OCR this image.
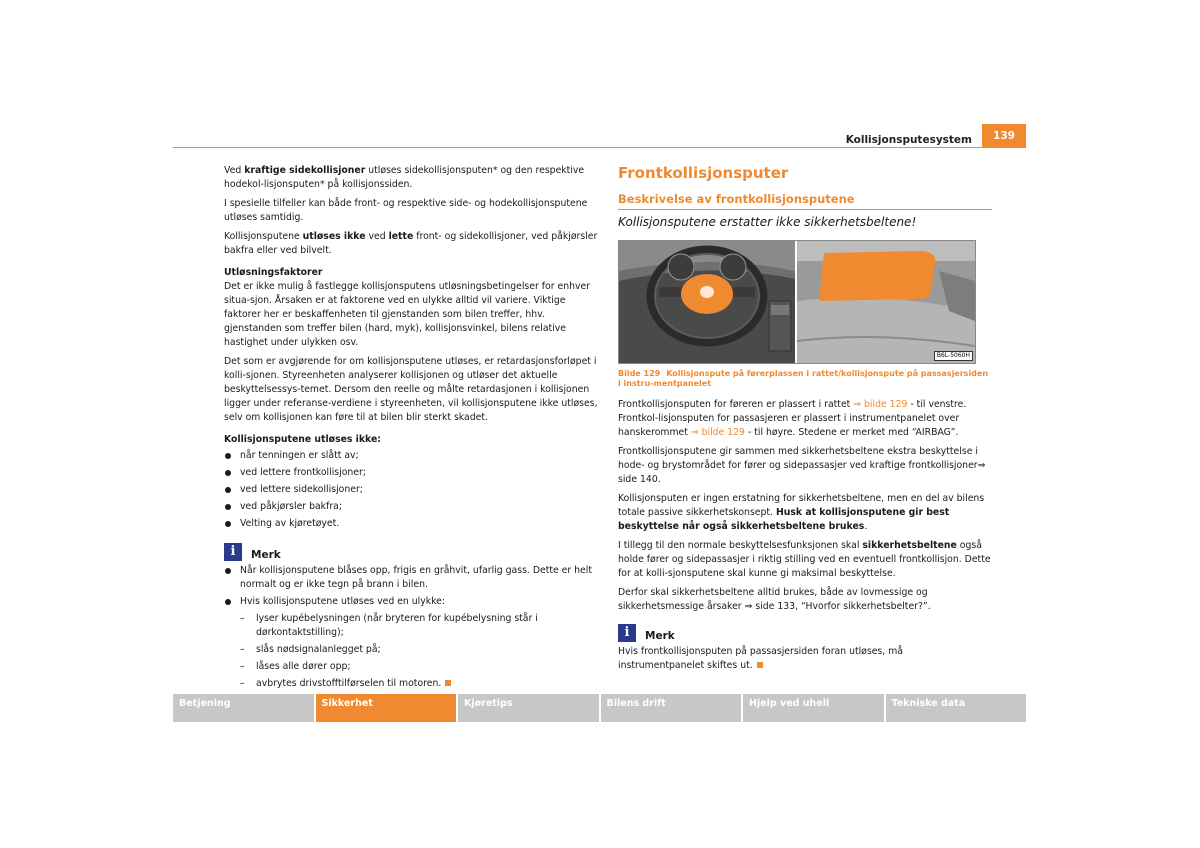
Kollisjonsputesystem	139

Ved kraftige sidekollisjoner utløses sidekollisjonsputen* og den respektive hodekol-lisjonsputen* på kollisjonssiden.

I spesielle tilfeller kan både front- og respektive side- og hodekollisjonsputene utløses samtidig.

Kollisjonsputene utløses ikke ved lette front- og sidekollisjoner, ved påkjørsler bakfra eller ved bilvelt.

Utløsningsfaktorer

Det er ikke mulig å fastlegge kollisjonsputens utløsningsbetingelser for enhver situa-sjon. Årsaken er at faktorene ved en ulykke alltid vil variere. Viktige faktorer her er beskaffenheten til gjenstanden som bilen treffer, hhv. gjenstanden som treffer bilen (hard, myk), kollisjonsvinkel, bilens relative hastighet under ulykken osv.

Det som er avgjørende for om kollisjonsputene utløses, er retardasjonsforløpet i kolli-sjonen. Styreenheten analyserer kollisjonen og utløser det aktuelle beskyttelsessys-temet. Dersom den reelle og målte retardasjonen i kollisjonen ligger under referanse-verdiene i styreenheten, vil kollisjonsputene ikke utløses, selv om kollisjonen kan føre til at bilen blir sterkt skadet.

Kollisjonsputene utløses ikke:

når tenningen er slått av;
ved lettere frontkollisjoner;
ved lettere sidekollisjoner;
ved påkjørsler bakfra;
Velting av kjøretøyet.
i	Merk
Når kollisjonsputene blåses opp, frigis en gråhvit, ufarlig gass. Dette er helt normalt og er ikke tegn på brann i bilen.
Hvis kollisjonsputene utløses ved en ulykke:
– lyser kupébelysningen (når bryteren for kupébelysning står i dørkontaktstilling);
– slås nødsignalanlegget på;
– låses alle dører opp;
– avbrytes drivstofftilførselen til motoren.
Frontkollisjonsputer
Beskrivelse av frontkollisjonsputene
Kollisjonsputene erstatter ikke sikkerhetsbeltene!
B6L-5060H
Bilde 129 Kollisjonspute på førerplassen i rattet/kollisjonspute på passasjersiden i instru-mentpanelet

Frontkollisjonsputen for føreren er plassert i rattet ⇒ bilde 129 - til venstre. Frontkol-lisjonsputen for passasjeren er plassert i instrumentpanelet over hanskerommet ⇒ bilde 129 - til høyre. Stedene er merket med “AIRBAG”.

Frontkollisjonsputene gir sammen med sikkerhetsbeltene ekstra beskyttelse i hode- og brystområdet for fører og sidepassasjer ved kraftige frontkollisjoner⇒ side 140.

Kollisjonsputen er ingen erstatning for sikkerhetsbeltene, men en del av bilens totale passive sikkerhetskonsept. Husk at kollisjonsputene gir best beskyttelse når også sikkerhetsbeltene brukes.

I tillegg til den normale beskyttelsesfunksjonen skal sikkerhetsbeltene også holde fører og sidepassasjer i riktig stilling ved en eventuell frontkollisjon. Dette for at kolli-sjonsputene skal kunne gi maksimal beskyttelse.

Derfor skal sikkerhetsbeltene alltid brukes, både av lovmessige og sikkerhetsmessige årsaker ⇒ side 133, “Hvorfor sikkerhetsbelter?”.

i	Merk

Hvis frontkollisjonsputen på passasjersiden foran utløses, må instrumentpanelet skiftes ut.

Betjening	Sikkerhet	Kjøretips	Bilens drift	Hjelp ved uhell	Tekniske data
